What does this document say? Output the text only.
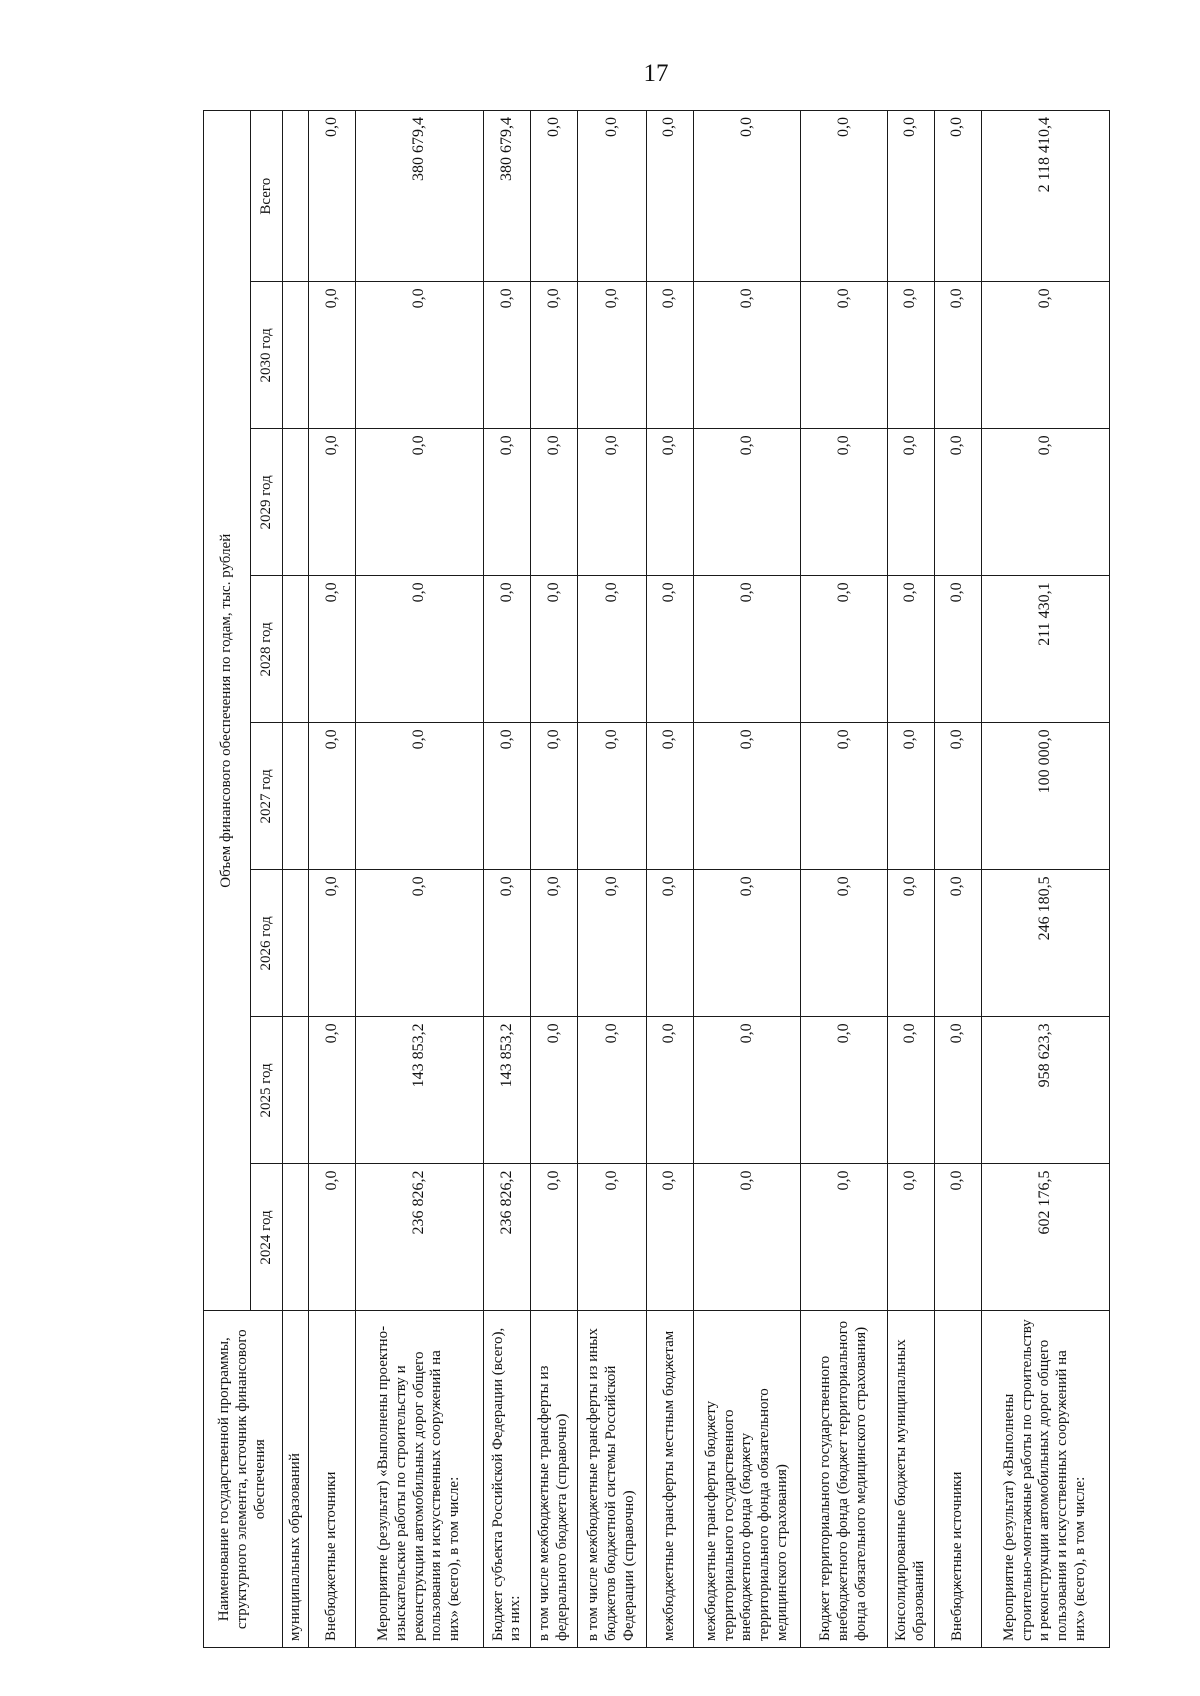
17
Наименование государственной программы, структурного элемента, источник финансового обеспечения	Объем финансового обеспечения по годам, тыс. рублей							
	2024 год	2025 год	2026 год	2027 год	2028 год	2029 год	2030 год	Всего
муниципальных образований								
Внебюджетные источники	0,0	0,0	0,0	0,0	0,0	0,0	0,0	0,0
Мероприятие (результат) «Выполнены проектно-изыскательские работы по строительству и реконструкции автомобильных дорог общего пользования и искусственных сооружений на них» (всего), в том числе:	236 826,2	143 853,2	0,0	0,0	0,0	0,0	0,0	380 679,4
Бюджет субъекта Российской Федерации (всего), из них:	236 826,2	143 853,2	0,0	0,0	0,0	0,0	0,0	380 679,4
в том числе межбюджетные трансферты из федерального бюджета (справочно)	0,0	0,0	0,0	0,0	0,0	0,0	0,0	0,0
в том числе межбюджетные трансферты из иных бюджетов бюджетной системы Российской Федерации (справочно)	0,0	0,0	0,0	0,0	0,0	0,0	0,0	0,0
межбюджетные трансферты местным бюджетам	0,0	0,0	0,0	0,0	0,0	0,0	0,0	0,0
межбюджетные трансферты бюджету территориального государственного внебюджетного фонда (бюджету территориального фонда обязательного медицинского страхования)	0,0	0,0	0,0	0,0	0,0	0,0	0,0	0,0
Бюджет территориального государственного внебюджетного фонда (бюджет территориального фонда обязательного медицинского страхования)	0,0	0,0	0,0	0,0	0,0	0,0	0,0	0,0
Консолидированные бюджеты муниципальных образований	0,0	0,0	0,0	0,0	0,0	0,0	0,0	0,0
Внебюджетные источники	0,0	0,0	0,0	0,0	0,0	0,0	0,0	0,0
Мероприятие (результат) «Выполнены строительно-монтажные работы по строительству и реконструкции автомобильных дорог общего пользования и искусственных сооружений на них» (всего), в том числе:	602 176,5	958 623,3	246 180,5	100 000,0	211 430,1	0,0	0,0	2 118 410,4
